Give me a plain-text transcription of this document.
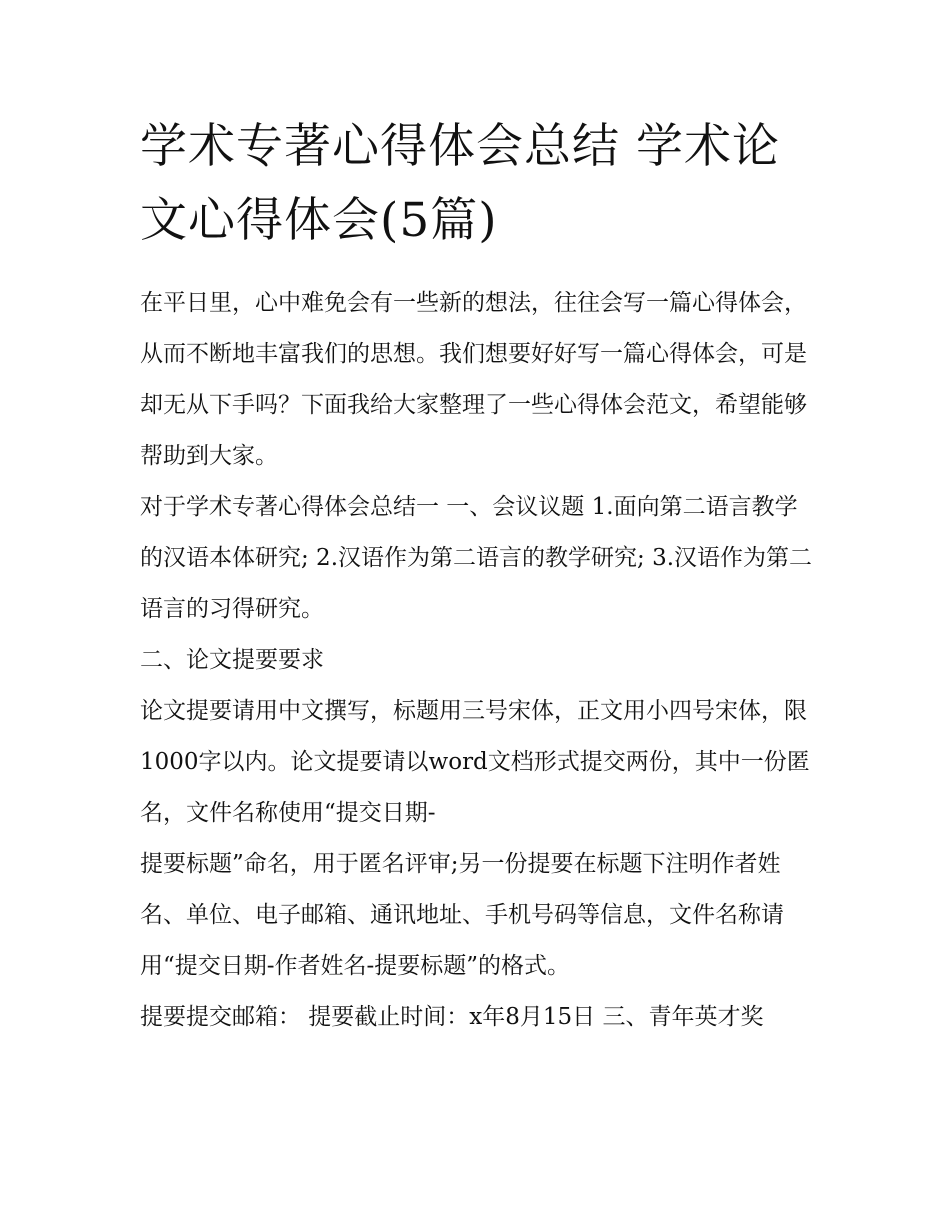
学术专著心得体会总结 学术论文心得体会(5篇)

在平日里，心中难免会有一些新的想法，往往会写一篇心得体会，从而不断地丰富我们的思想。我们想要好好写一篇心得体会，可是却无从下手吗？下面我给大家整理了一些心得体会范文，希望能够帮助到大家。

对于学术专著心得体会总结一 一、会议议题 1.面向第二语言教学的汉语本体研究; 2.汉语作为第二语言的教学研究; 3.汉语作为第二语言的习得研究。

二、论文提要要求

论文提要请用中文撰写，标题用三号宋体，正文用小四号宋体，限1000字以内。论文提要请以word文档形式提交两份，其中一份匿名，文件名称使用“提交日期-

提要标题”命名，用于匿名评审;另一份提要在标题下注明作者姓名、单位、电子邮箱、通讯地址、手机号码等信息，文件名称请用“提交日期-作者姓名-提要标题”的格式。

提要提交邮箱： 提要截止时间：x年8月15日 三、青年英才奖
